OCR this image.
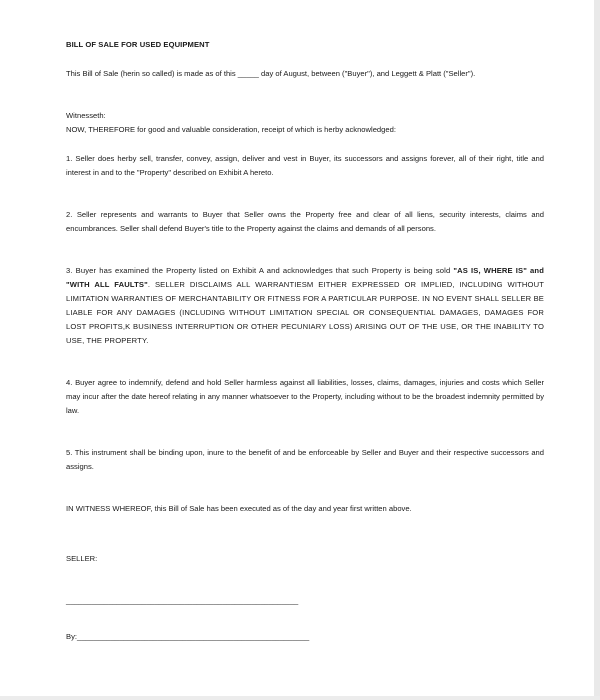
BILL OF SALE FOR USED EQUIPMENT

This Bill of Sale (herin so called) is made as of this _____ day of August, between ("Buyer"), and Leggett & Platt ("Seller").

Witnesseth:

NOW, THEREFORE for good and valuable consideration, receipt of which is herby acknowledged:

1. Seller does herby sell, transfer, convey, assign, deliver and vest in Buyer, its successors and assigns forever, all of their right, title and interest in and to the "Property" described on Exhibit A hereto.

2. Seller represents and warrants to Buyer that Seller owns the Property free and clear of all liens, security interests, claims and encumbrances. Seller shall defend Buyer's title to the Property against the claims and demands of all persons.

3. Buyer has examined the Property listed on Exhibit A and acknowledges that such Property is being sold "AS IS, WHERE IS" and "WITH ALL FAULTS". SELLER DISCLAIMS ALL WARRANTIESM EITHER EXPRESSED OR IMPLIED, INCLUDING WITHOUT LIMITATION WARRANTIES OF MERCHANTABILITY OR FITNESS FOR A PARTICULAR PURPOSE. IN NO EVENT SHALL SELLER BE LIABLE FOR ANY DAMAGES (INCLUDING WITHOUT LIMITATION SPECIAL OR CONSEQUENTIAL DAMAGES, DAMAGES FOR LOST PROFITS,K BUSINESS INTERRUPTION OR OTHER PECUNIARY LOSS) ARISING OUT OF THE USE, OR THE INABILITY TO USE, THE PROPERTY.

4. Buyer agree to indemnify, defend and hold Seller harmless against all liabilities, losses, claims, damages, injuries and costs which Seller may incur after the date hereof relating in any manner whatsoever to the Property, including without to be the broadest indemnity permitted by law.

5. This instrument shall be binding upon, inure to the benefit of and be enforceable by Seller and Buyer and their respective successors and assigns.

IN WITNESS WHEREOF, this Bill of Sale has been executed as of the day and year first written above.

SELLER:

_______________________________________________________
By:_______________________________________________________
